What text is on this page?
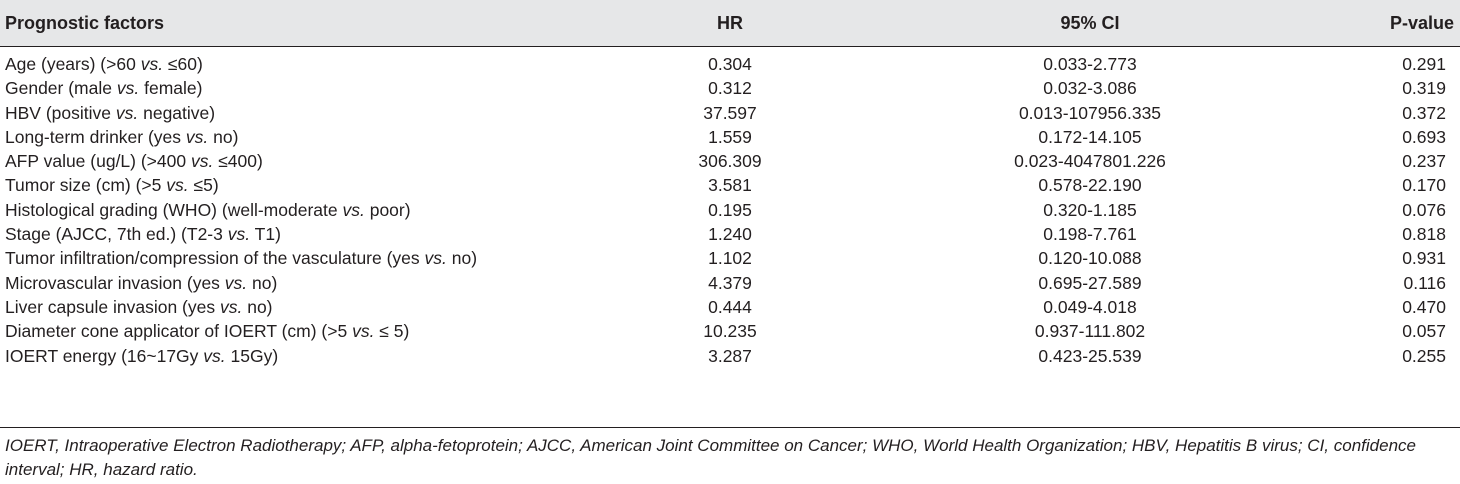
Prognostic factors	HR	95% CI	P-value
Age (years) (>60 vs. ≤60)	0.304	0.033-2.773	0.291
Gender (male vs. female)	0.312	0.032-3.086	0.319
HBV (positive vs. negative)	37.597	0.013-107956.335	0.372
Long-term drinker (yes vs. no)	1.559	0.172-14.105	0.693
AFP value (ug/L) (>400 vs. ≤400)	306.309	0.023-4047801.226	0.237
Tumor size (cm) (>5 vs. ≤5)	3.581	0.578-22.190	0.170
Histological grading (WHO) (well-moderate vs. poor)	0.195	0.320-1.185	0.076
Stage (AJCC, 7th ed.) (T2-3 vs. T1)	1.240	0.198-7.761	0.818
Tumor infiltration/compression of the vasculature (yes vs. no)	1.102	0.120-10.088	0.931
Microvascular invasion (yes vs. no)	4.379	0.695-27.589	0.116
Liver capsule invasion (yes vs. no)	0.444	0.049-4.018	0.470
Diameter cone applicator of IOERT (cm) (>5 vs. ≤ 5)	10.235	0.937-111.802	0.057
IOERT energy (16~17Gy vs. 15Gy)	3.287	0.423-25.539	0.255
IOERT, Intraoperative Electron Radiotherapy; AFP, alpha-fetoprotein; AJCC, American Joint Committee on Cancer; WHO, World Health Organization; HBV, Hepatitis B virus; CI, confidence interval; HR, hazard ratio.
